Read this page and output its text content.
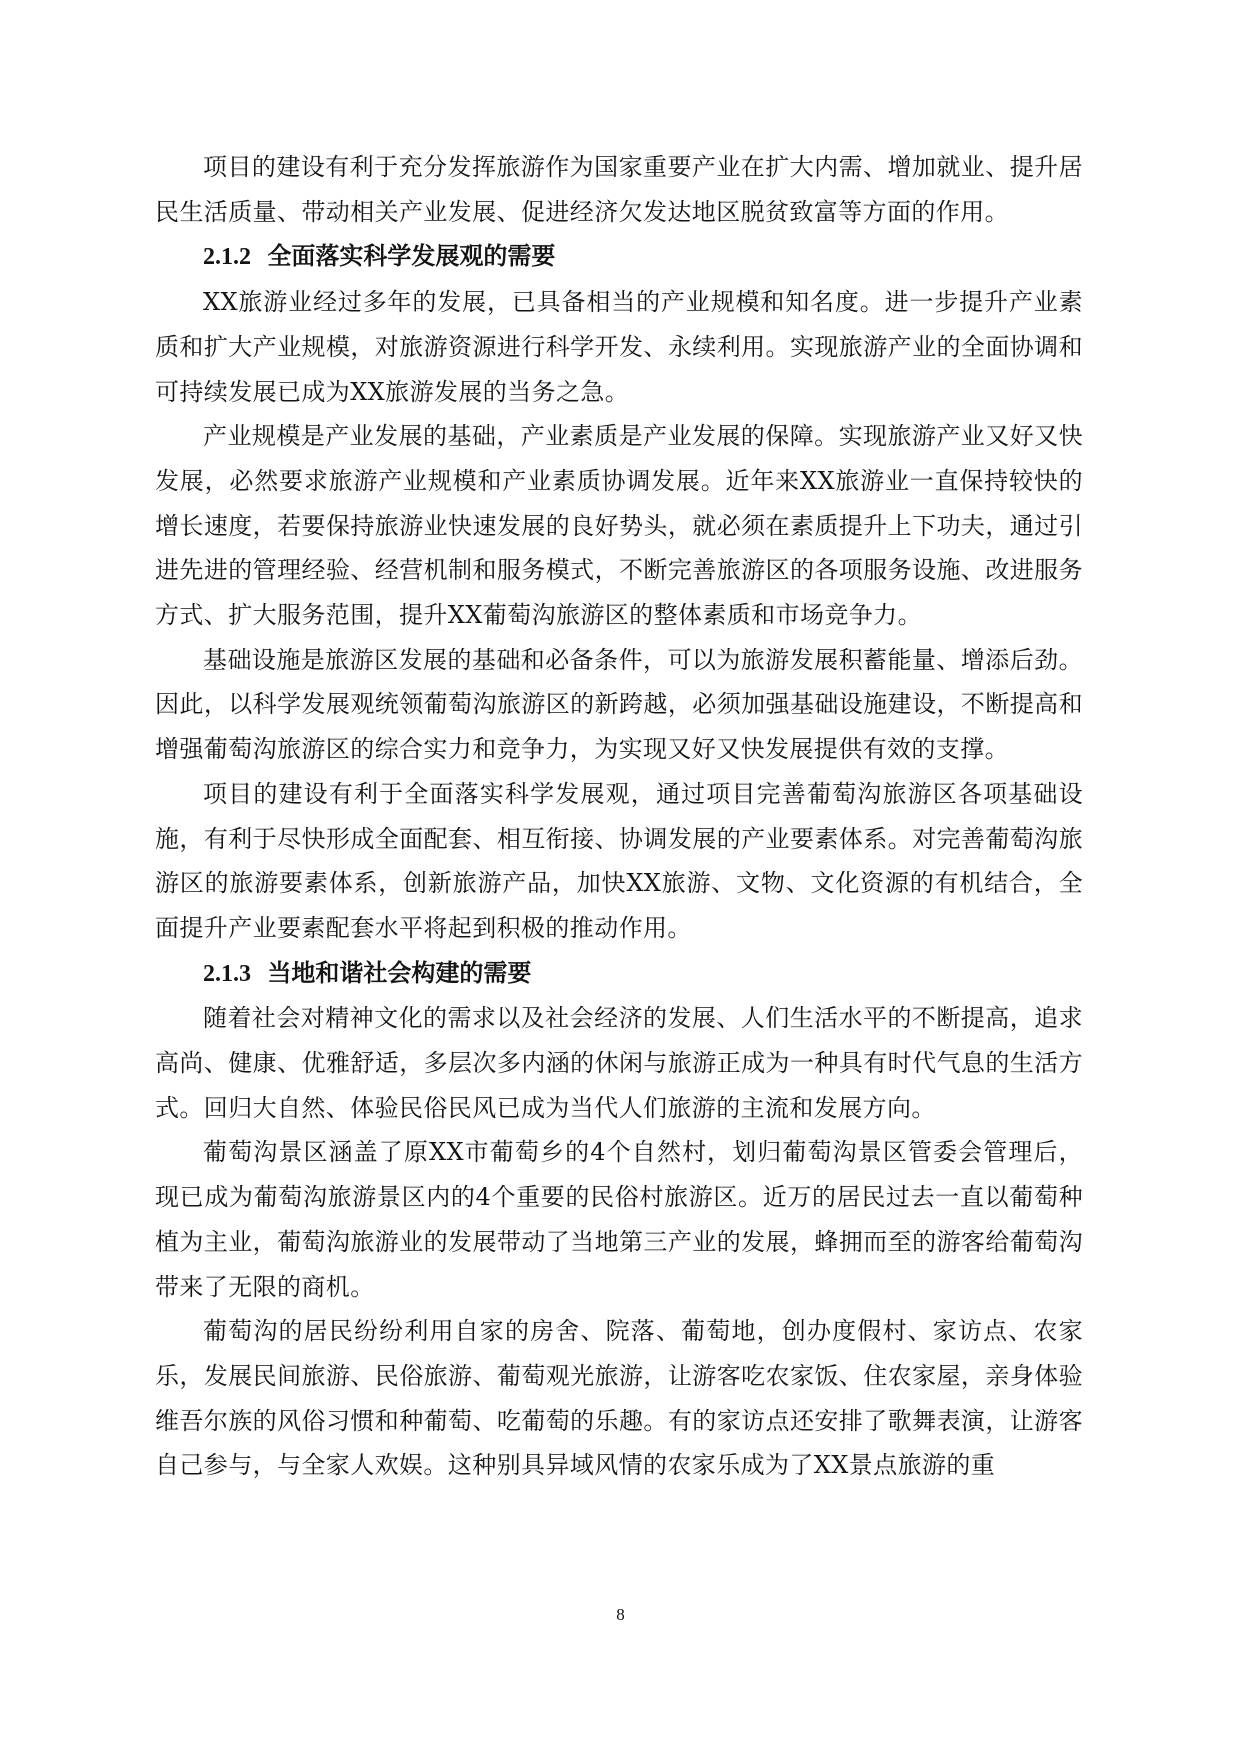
项目的建设有利于充分发挥旅游作为国家重要产业在扩大内需、增加就业、提升居民生活质量、带动相关产业发展、促进经济欠发达地区脱贫致富等方面的作用。

2.1.2 全面落实科学发展观的需要

XX旅游业经过多年的发展，已具备相当的产业规模和知名度。进一步提升产业素质和扩大产业规模，对旅游资源进行科学开发、永续利用。实现旅游产业的全面协调和可持续发展已成为XX旅游发展的当务之急。

产业规模是产业发展的基础，产业素质是产业发展的保障。实现旅游产业又好又快发展，必然要求旅游产业规模和产业素质协调发展。近年来XX旅游业一直保持较快的增长速度，若要保持旅游业快速发展的良好势头，就必须在素质提升上下功夫，通过引进先进的管理经验、经营机制和服务模式，不断完善旅游区的各项服务设施、改进服务方式、扩大服务范围，提升XX葡萄沟旅游区的整体素质和市场竞争力。

基础设施是旅游区发展的基础和必备条件，可以为旅游发展积蓄能量、增添后劲。因此，以科学发展观统领葡萄沟旅游区的新跨越，必须加强基础设施建设，不断提高和增强葡萄沟旅游区的综合实力和竞争力，为实现又好又快发展提供有效的支撑。

项目的建设有利于全面落实科学发展观，通过项目完善葡萄沟旅游区各项基础设施，有利于尽快形成全面配套、相互衔接、协调发展的产业要素体系。对完善葡萄沟旅游区的旅游要素体系，创新旅游产品，加快XX旅游、文物、文化资源的有机结合，全面提升产业要素配套水平将起到积极的推动作用。

2.1.3 当地和谐社会构建的需要

随着社会对精神文化的需求以及社会经济的发展、人们生活水平的不断提高，追求高尚、健康、优雅舒适，多层次多内涵的休闲与旅游正成为一种具有时代气息的生活方式。回归大自然、体验民俗民风已成为当代人们旅游的主流和发展方向。

葡萄沟景区涵盖了原XX市葡萄乡的4个自然村，划归葡萄沟景区管委会管理后，现已成为葡萄沟旅游景区内的4个重要的民俗村旅游区。近万的居民过去一直以葡萄种植为主业，葡萄沟旅游业的发展带动了当地第三产业的发展，蜂拥而至的游客给葡萄沟带来了无限的商机。

葡萄沟的居民纷纷利用自家的房舍、院落、葡萄地，创办度假村、家访点、农家乐，发展民间旅游、民俗旅游、葡萄观光旅游，让游客吃农家饭、住农家屋，亲身体验维吾尔族的风俗习惯和种葡萄、吃葡萄的乐趣。有的家访点还安排了歌舞表演，让游客自己参与，与全家人欢娱。这种别具异域风情的农家乐成为了XX景点旅游的重

8
